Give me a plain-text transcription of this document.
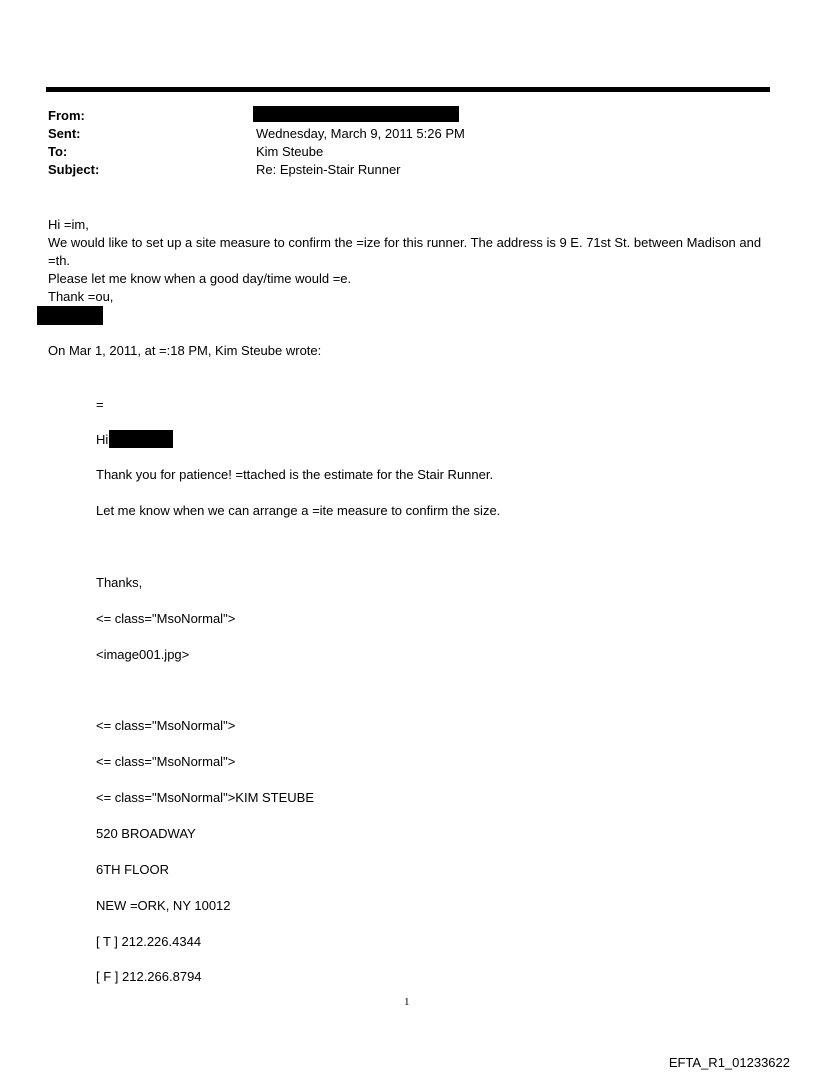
From:
Sent:	Wednesday, March 9, 2011 5:26 PM
To:	Kim Steube
Subject:	Re: Epstein-Stair Runner

Hi =im,

We would like to set up a site measure to confirm the =ize for this runner. The address is 9 E. 71st St. between Madison and =th.

Please let me know when a good day/time would =e.

Thank =ou,

On Mar 1, 2011, at =:18 PM, Kim Steube wrote:
=
Hi
Thank you for patience! =ttached is the estimate for the Stair Runner.
Let me know when we can arrange a =ite measure to confirm the size.
Thanks,
<= class="MsoNormal">
<image001.jpg>
<= class="MsoNormal">
<= class="MsoNormal">
<= class="MsoNormal">KIM STEUBE
520 BROADWAY
6TH FLOOR
NEW =ORK, NY 10012
[ T ] 212.226.4344
[ F ] 212.266.8794
1
EFTA_R1_01233622
